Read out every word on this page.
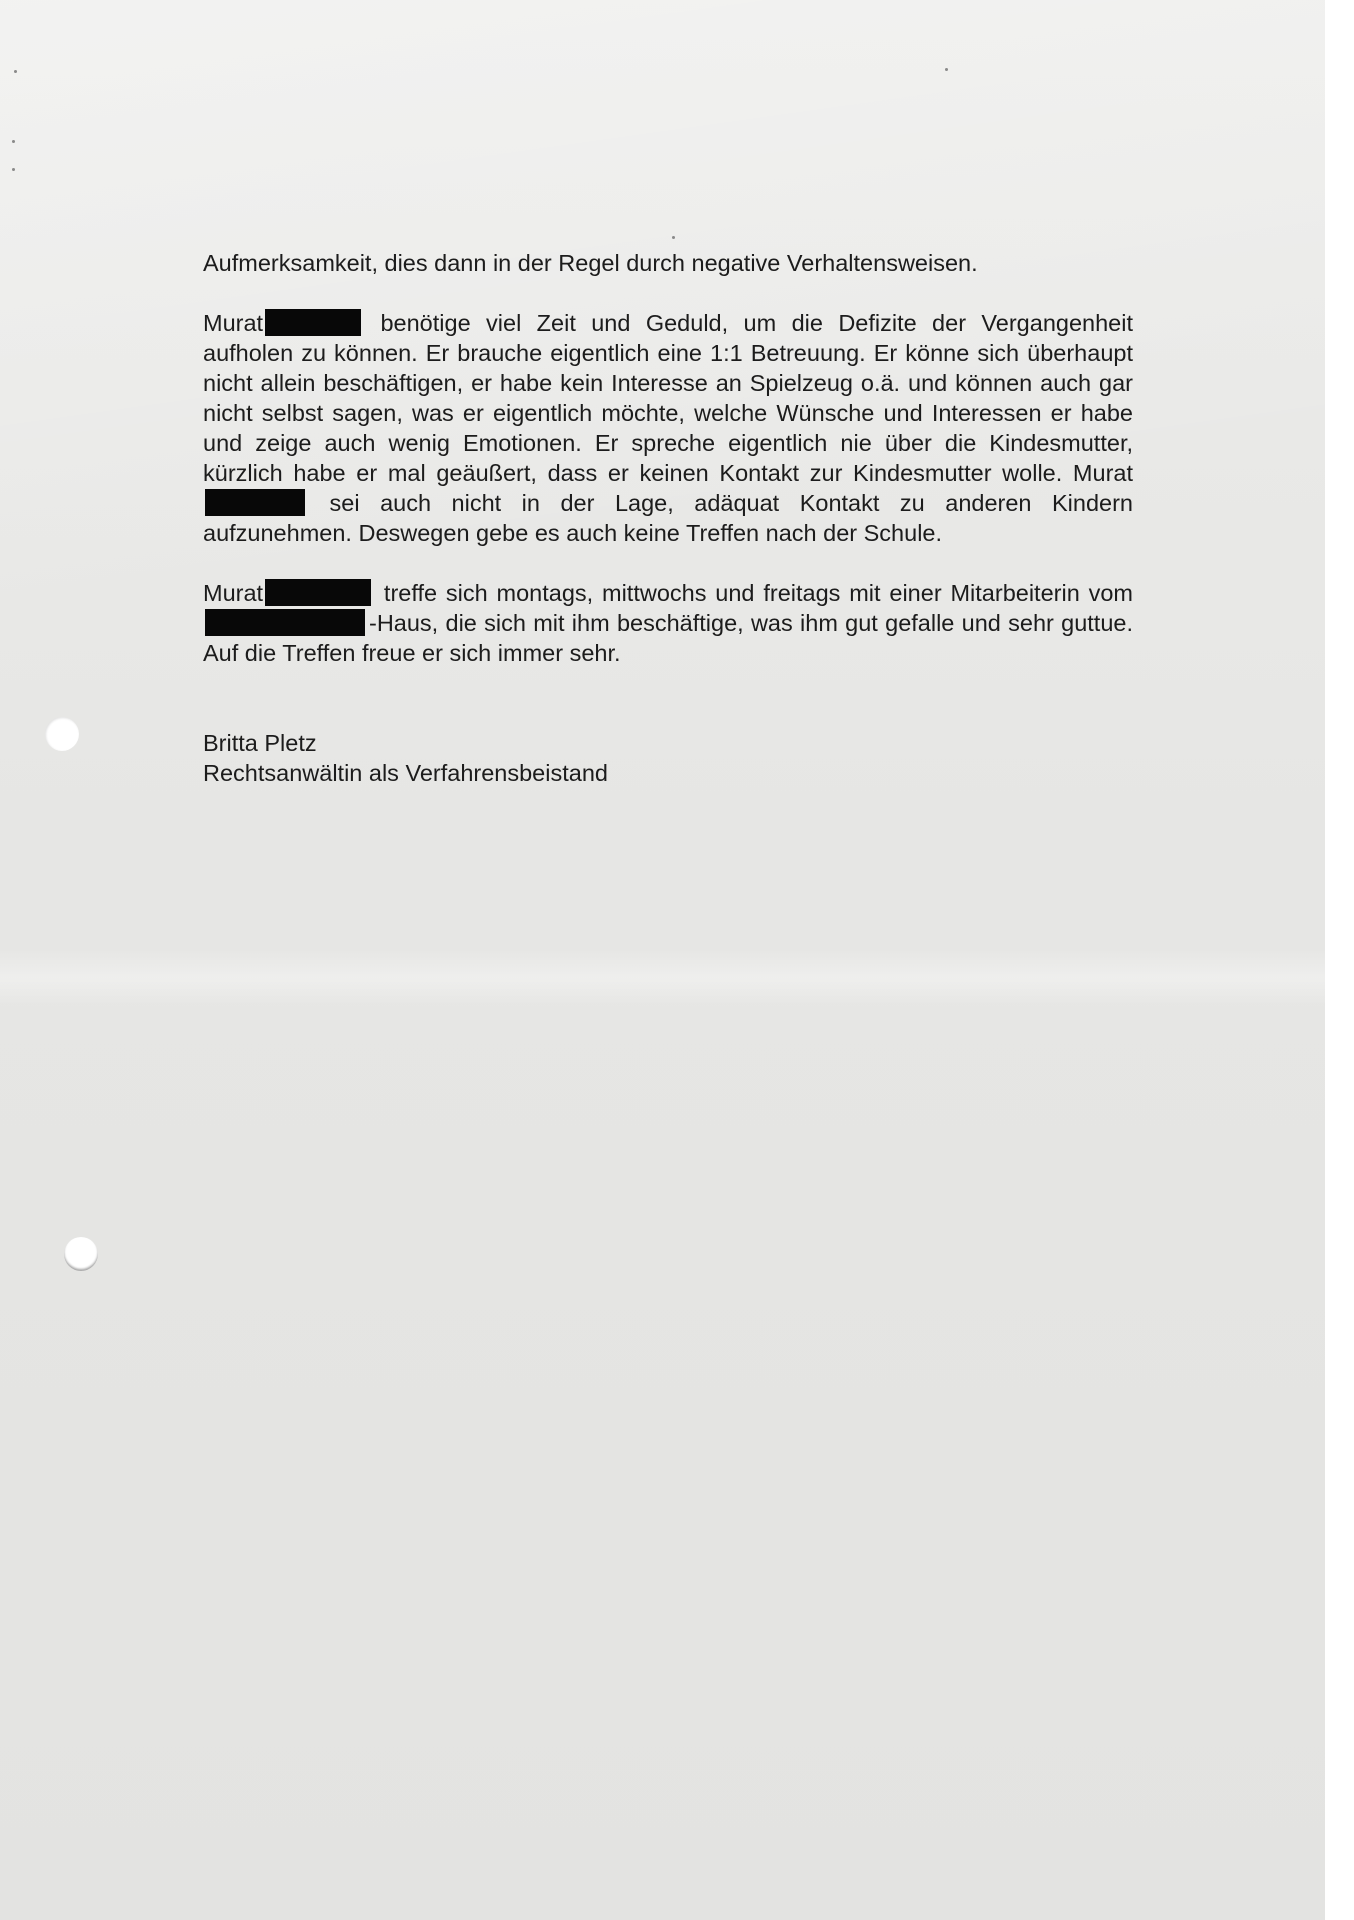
Aufmerksamkeit, dies dann in der Regel durch negative Verhaltensweisen.

Murat	benötige viel Zeit und Geduld, um die Defizite der Vergangenheit aufholen zu können. Er brauche eigentlich eine 1:1 Betreuung. Er könne sich überhaupt nicht allein beschäftigen, er habe kein Interesse an Spielzeug o.ä. und können auch gar nicht selbst sagen, was er eigentlich möchte, welche Wünsche und Interessen er habe und zeige auch wenig Emotionen. Er spreche eigentlich nie über die Kindesmutter, kürzlich habe er mal geäußert, dass er keinen Kontakt zur Kindesmutter wolle. Murat  sei auch nicht in der Lage, adäquat Kontakt zu anderen Kindern aufzunehmen. Deswegen gebe es auch keine Treffen nach der Schule.

Murat	treffe sich montags, mittwochs und freitags mit einer Mitarbeiterin vom -Haus, die sich mit ihm beschäftige, was ihm gut gefalle und sehr guttue. Auf die Treffen freue er sich immer sehr.

Britta Pletz
Rechtsanwältin als Verfahrensbeistand
